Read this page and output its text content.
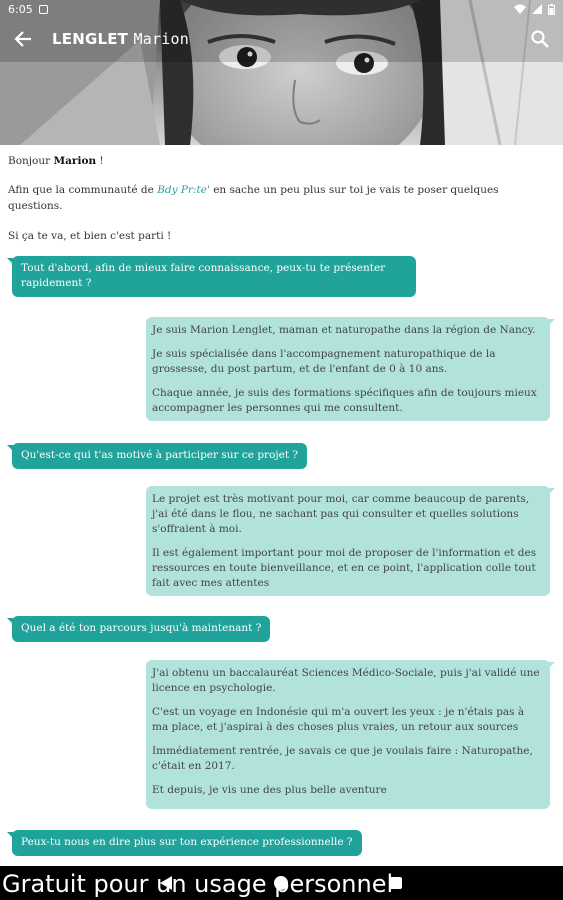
6:05
LENGLET Marion
Bonjour Marion !
Afin que la communauté de Bdy Pr:te' en sache un peu plus sur toi je vais te poser quelques
questions.
Si ça te va, et bien c'est parti !
Tout d'abord, afin de mieux faire connaissance, peux-tu te présenter rapidement ?

Je suis Marion Lenglet, maman et naturopathe dans la région de Nancy.

Je suis spécialisée dans l'accompagnement naturopathique de la grossesse, du post partum, et de l'enfant de 0 à 10 ans.

Chaque année, je suis des formations spécifiques afin de toujours mieux accompagner les personnes qui me consultent.

Qu'est-ce qui t'as motivé à participer sur ce projet ?

Le projet est très motivant pour moi, car comme beaucoup de parents, j'ai été dans le flou, ne sachant pas qui consulter et quelles solutions s'offraient à moi.

Il est également important pour moi de proposer de l'information et des ressources en toute bienveillance, et en ce point, l'application colle tout fait avec mes attentes

Quel a été ton parcours jusqu'à maintenant ?

J'ai obtenu un baccalauréat Sciences Médico-Sociale, puis j'ai validé une licence en psychologie.

C'est un voyage en Indonésie qui m'a ouvert les yeux : je n'étais pas à ma place, et j'aspirai à des choses plus vraies, un retour aux sources

Immédiatement rentrée, je savais ce que je voulais faire : Naturopathe, c'était en 2017.

Et depuis, je vis une des plus belle aventure

Peux-tu nous en dire plus sur ton expérience professionnelle ?
Gratuit pour un usage personnel
